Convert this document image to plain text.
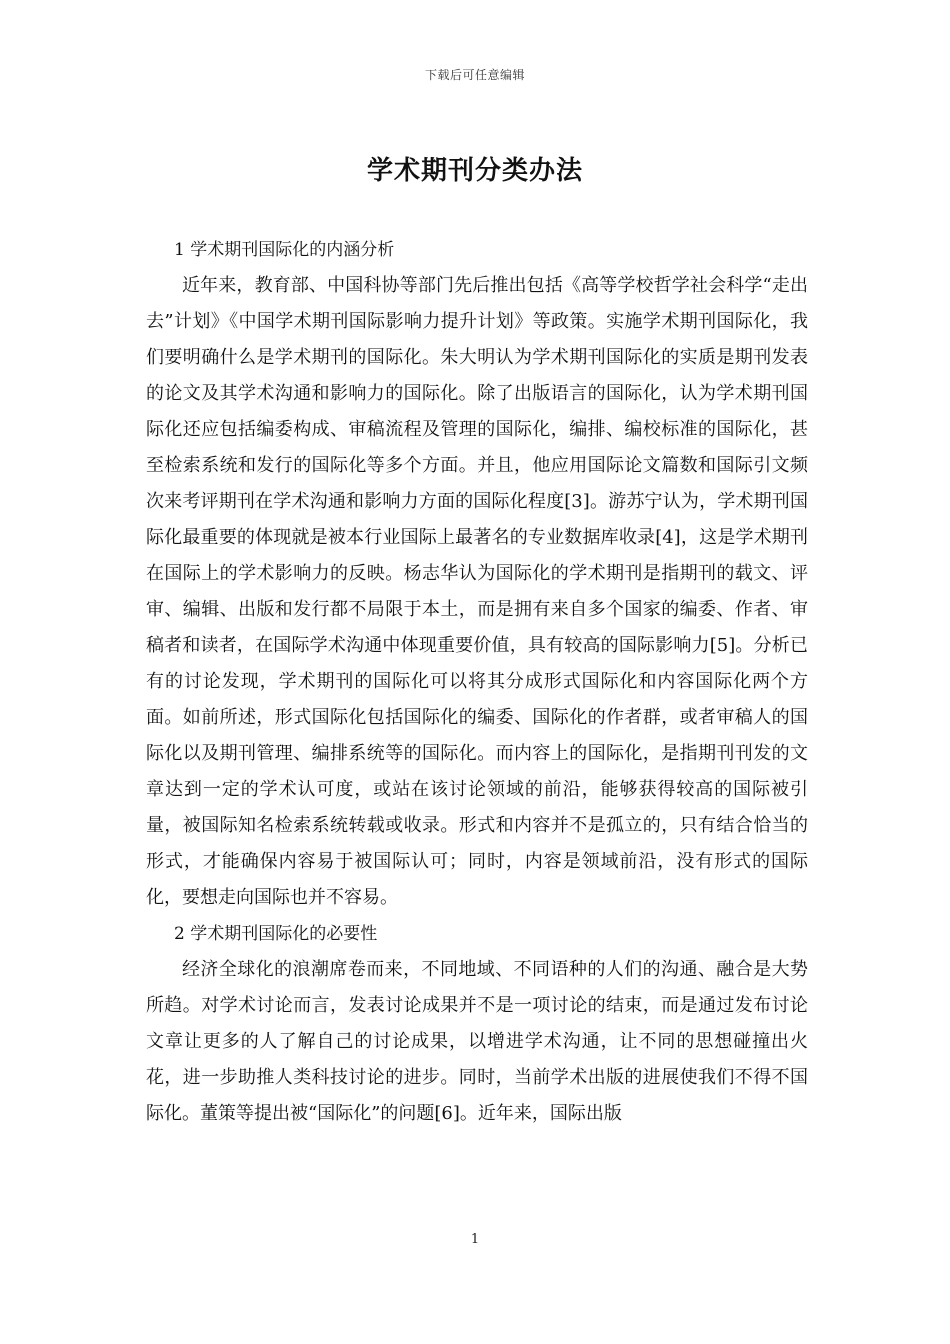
下载后可任意编辑
学术期刊分类办法

1 学术期刊国际化的内涵分析

近年来，教育部、中国科协等部门先后推出包括《高等学校哲学社会科学“走出去”计划》《中国学术期刊国际影响力提升计划》等政策。实施学术期刊国际化，我们要明确什么是学术期刊的国际化。朱大明认为学术期刊国际化的实质是期刊发表的论文及其学术沟通和影响力的国际化。除了出版语言的国际化，认为学术期刊国际化还应包括编委构成、审稿流程及管理的国际化，编排、编校标准的国际化，甚至检索系统和发行的国际化等多个方面。并且，他应用国际论文篇数和国际引文频次来考评期刊在学术沟通和影响力方面的国际化程度[3]。游苏宁认为，学术期刊国际化最重要的体现就是被本行业国际上最著名的专业数据库收录[4]，这是学术期刊在国际上的学术影响力的反映。杨志华认为国际化的学术期刊是指期刊的载文、评审、编辑、出版和发行都不局限于本土，而是拥有来自多个国家的编委、作者、审稿者和读者，在国际学术沟通中体现重要价值，具有较高的国际影响力[5]。分析已有的讨论发现，学术期刊的国际化可以将其分成形式国际化和内容国际化两个方面。如前所述，形式国际化包括国际化的编委、国际化的作者群，或者审稿人的国际化以及期刊管理、编排系统等的国际化。而内容上的国际化，是指期刊刊发的文章达到一定的学术认可度，或站在该讨论领域的前沿，能够获得较高的国际被引量，被国际知名检索系统转载或收录。形式和内容并不是孤立的，只有结合恰当的形式，才能确保内容易于被国际认可；同时，内容是领域前沿，没有形式的国际化，要想走向国际也并不容易。

2 学术期刊国际化的必要性

经济全球化的浪潮席卷而来，不同地域、不同语种的人们的沟通、融合是大势所趋。对学术讨论而言，发表讨论成果并不是一项讨论的结束，而是通过发布讨论文章让更多的人了解自己的讨论成果，以增进学术沟通，让不同的思想碰撞出火花，进一步助推人类科技讨论的进步。同时，当前学术出版的进展使我们不得不国际化。董策等提出被“国际化”的问题[6]。近年来，国际出版

1
